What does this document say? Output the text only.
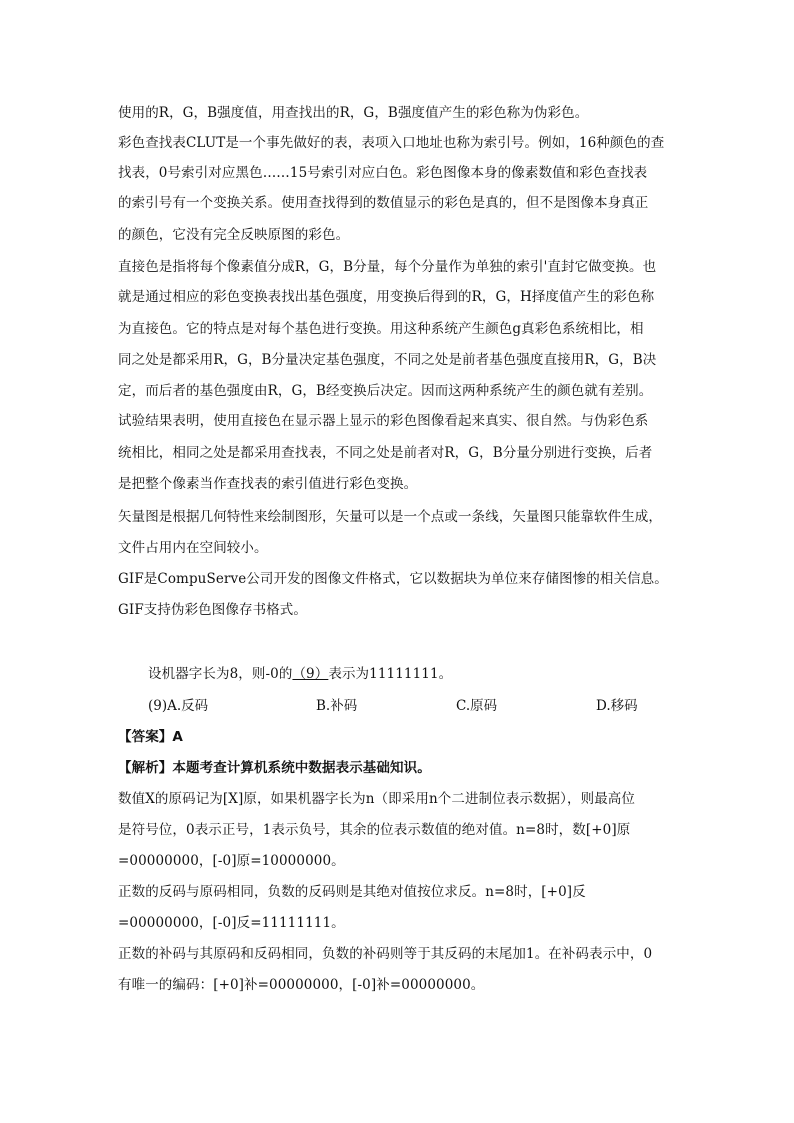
使用的R，G，B强度值，用查找出的R，G，B强度值产生的彩色称为伪彩色。
彩色查找表CLUT是一个事先做好的表，表项入口地址也称为索引号。例如，16种颜色的查
找表，0号索引对应黑色……15号索引对应白色。彩色图像本身的像素数值和彩色查找表
的索引号有一个变换关系。使用查找得到的数值显示的彩色是真的，但不是图像本身真正
的颜色，它没有完全反映原图的彩色。
直接色是指将每个像素值分成R，G，B分量，每个分量作为单独的索引'直封它做变换。也
就是通过相应的彩色变换表找出基色强度，用变换后得到的R，G，H择度值产生的彩色称
为直接色。它的特点是对每个基色进行变换。用这种系统产生颜色g真彩色系统相比，相
同之处是都采用R，G，B分量决定基色强度，不同之处是前者基色强度直接用R，G，B决
定，而后者的基色强度由R，G，B经变换后决定。因而这两种系统产生的颜色就有差别。
试验结果表明，使用直接色在显示器上显示的彩色图像看起来真实、很自然。与伪彩色系
统相比，相同之处是都采用查找表，不同之处是前者对R，G，B分量分别进行变换，后者
是把整个像素当作查找表的索引值进行彩色变换。
矢量图是根据几何特性来绘制图形，矢量可以是一个点或一条线，矢量图只能靠软件生成，
文件占用内在空间较小。
GIF是CompuServe公司开发的图像文件格式，它以数据块为单位来存储图惨的相关信息。
GIF支持伪彩色图像存书格式。
设机器字长为8，则-0的（9）表示为11111111。
(9)A.反码	B.补码	C.原码	D.移码
【答案】A
【解析】本题考查计算机系统中数据表示基础知识。
数值X的原码记为[X]原，如果机器字长为n（即采用n个二进制位表示数据），则最高位
是符号位，0表示正号，1表示负号，其余的位表示数值的绝对值。n=8时，数[+0]原
=00000000，[-0]原=10000000。
正数的反码与原码相同，负数的反码则是其绝对值按位求反。n=8时，[+0]反
=00000000，[-0]反=11111111。
正数的补码与其原码和反码相同，负数的补码则等于其反码的末尾加1。在补码表示中，0
有唯一的编码：[+0]补=00000000，[-0]补=00000000。
